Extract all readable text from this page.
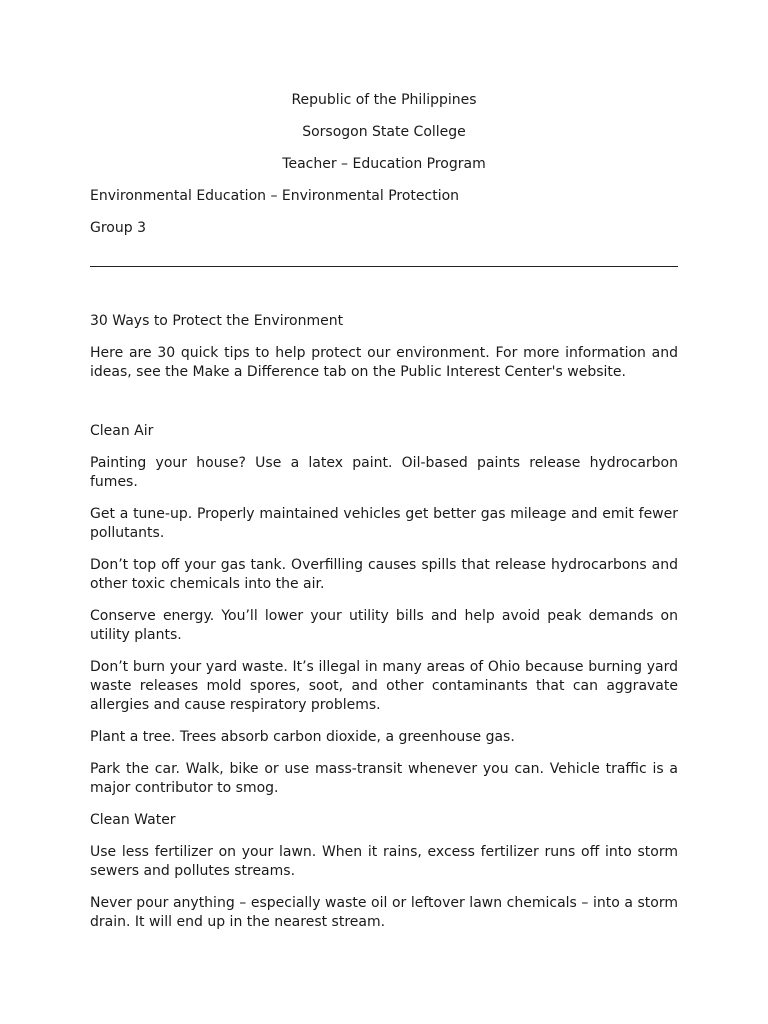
Republic of the Philippines
Sorsogon State College
Teacher – Education Program
Environmental Education – Environmental Protection
Group 3
30 Ways to Protect the Environment

Here are 30 quick tips to help protect our environment. For more information and ideas, see the Make a Difference tab on the Public Interest Center's website.

Clean Air

Painting your house? Use a latex paint. Oil-based paints release hydrocarbon fumes.

Get a tune-up. Properly maintained vehicles get better gas mileage and emit fewer pollutants.

Don’t top off your gas tank. Overfilling causes spills that release hydrocarbons and other toxic chemicals into the air.

Conserve energy. You’ll lower your utility bills and help avoid peak demands on utility plants.

Don’t burn your yard waste. It’s illegal in many areas of Ohio because burning yard waste releases mold spores, soot, and other contaminants that can aggravate allergies and cause respiratory problems.

Plant a tree. Trees absorb carbon dioxide, a greenhouse gas.

Park the car. Walk, bike or use mass-transit whenever you can. Vehicle traffic is a major contributor to smog.

Clean Water

Use less fertilizer on your lawn. When it rains, excess fertilizer runs off into storm sewers and pollutes streams.

Never pour anything – especially waste oil or leftover lawn chemicals – into a storm drain. It will end up in the nearest stream.
